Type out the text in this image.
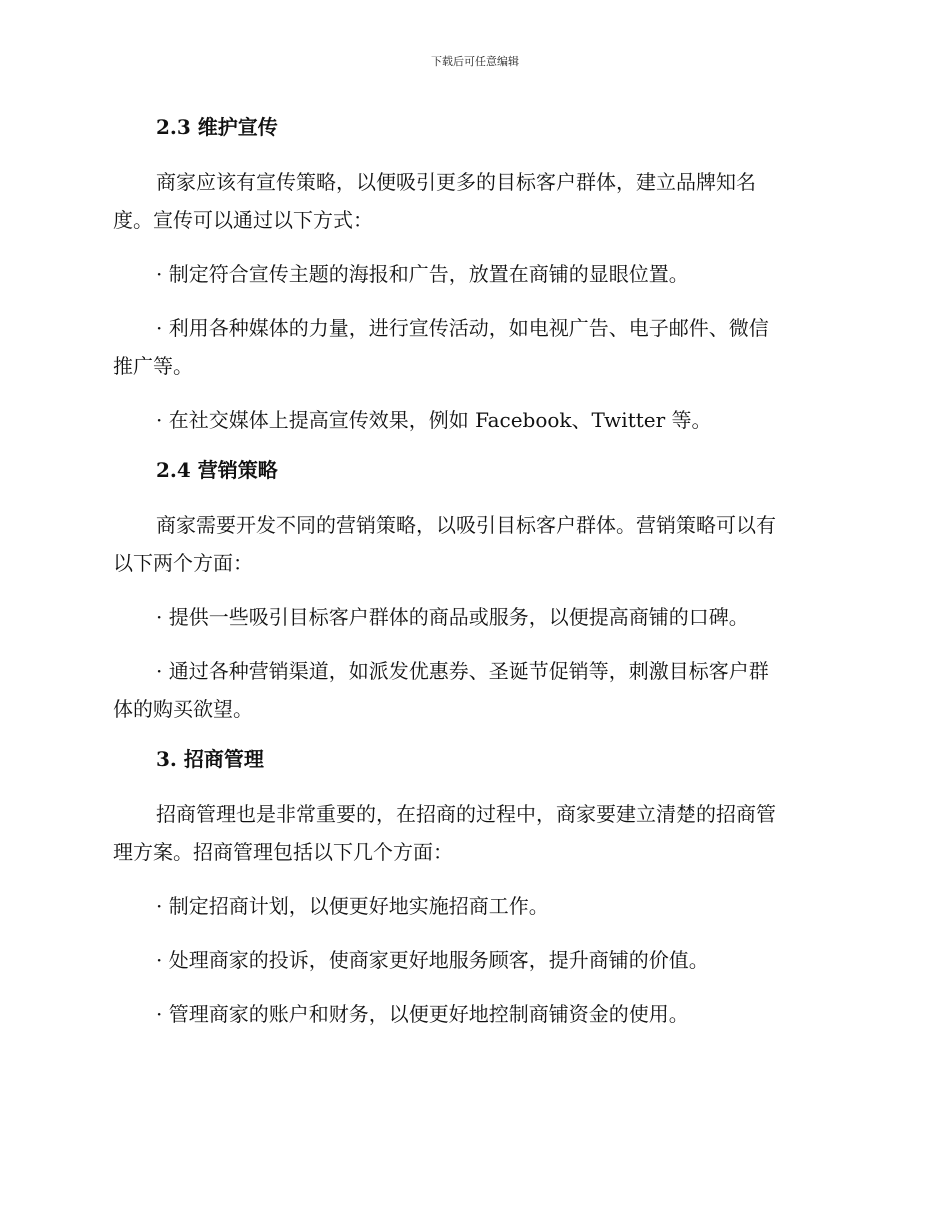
下载后可任意编辑
2.3 维护宣传

商家应该有宣传策略，以便吸引更多的目标客户群体，建立品牌知名
度。宣传可以通过以下方式：

· 制定符合宣传主题的海报和广告，放置在商铺的显眼位置。

· 利用各种媒体的力量，进行宣传活动，如电视广告、电子邮件、微信
推广等。

· 在社交媒体上提高宣传效果，例如 Facebook、Twitter 等。

2.4 营销策略

商家需要开发不同的营销策略，以吸引目标客户群体。营销策略可以有
以下两个方面：

· 提供一些吸引目标客户群体的商品或服务，以便提高商铺的口碑。

· 通过各种营销渠道，如派发优惠券、圣诞节促销等，刺激目标客户群
体的购买欲望。

3. 招商管理

招商管理也是非常重要的，在招商的过程中，商家要建立清楚的招商管
理方案。招商管理包括以下几个方面：

· 制定招商计划，以便更好地实施招商工作。

· 处理商家的投诉，使商家更好地服务顾客，提升商铺的价值。

· 管理商家的账户和财务，以便更好地控制商铺资金的使用。
